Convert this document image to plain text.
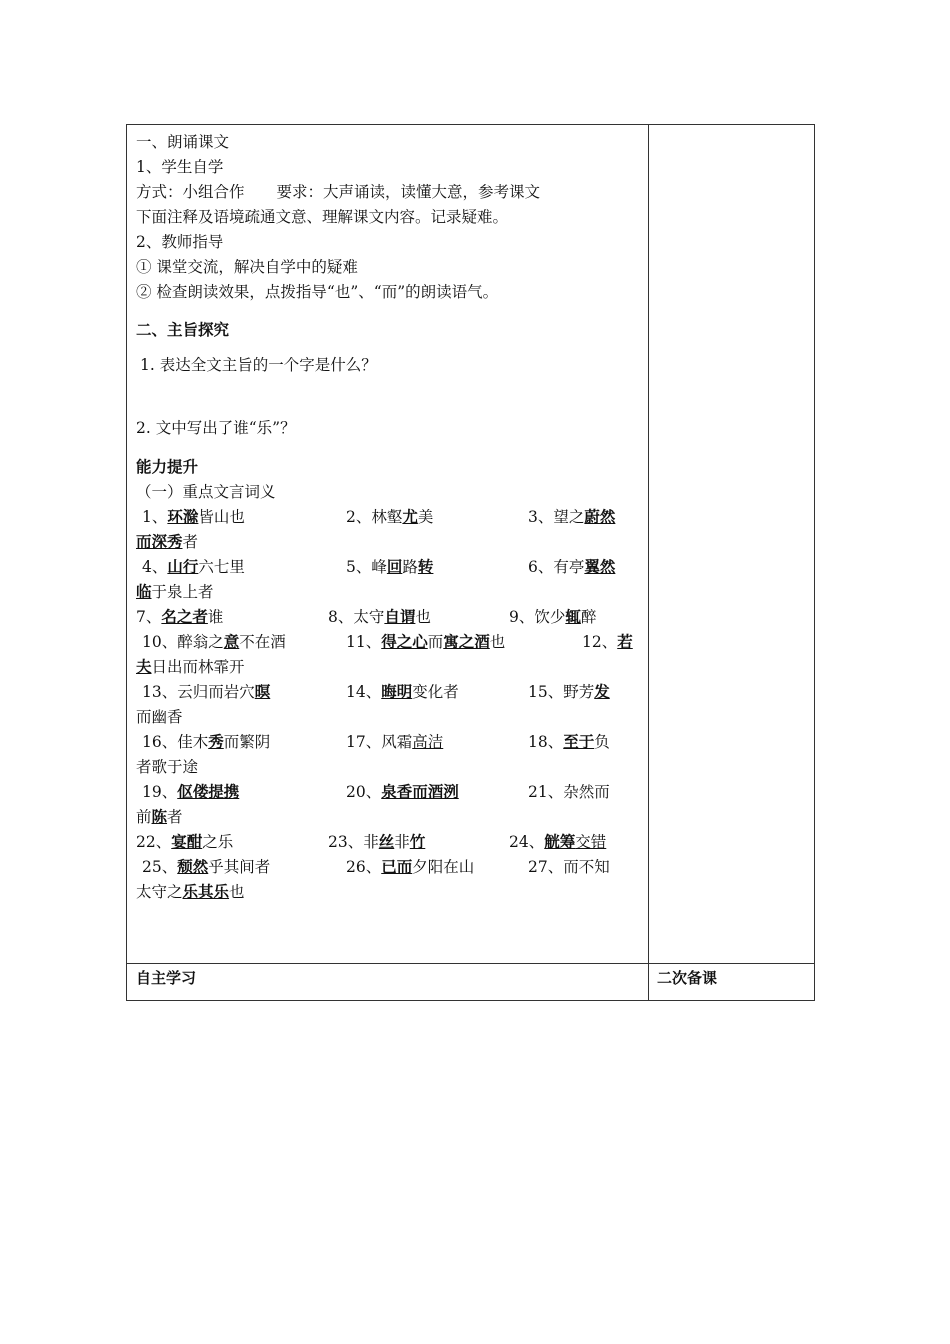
一、朗诵课文
1、学生自学
方式：小组合作 要求：大声诵读，读懂大意，参考课文
下面注释及语境疏通文意、理解课文内容。记录疑难。
2、教师指导
① 课堂交流，解决自学中的疑难
② 检查朗读效果，点拨指导“也”、“而”的朗读语气。
二、主旨探究
1. 表达全文主旨的一个字是什么？
2. 文中写出了谁“乐”？
能力提升
（一）重点文言词义
1、环滁皆山也	2、林壑尤美	3、望之蔚然
而深秀者
4、山行六七里	5、峰回路转	6、有亭翼然
临于泉上者
7、名之者谁	8、太守自谓也	9、饮少辄醉
10、醉翁之意不在酒	11、得之心而寓之酒也	12、若
夫日出而林霏开
13、云归而岩穴暝	14、晦明变化者	15、野芳发
而幽香
16、佳木秀而繁阴	17、风霜高洁	18、至于负
者歌于途
19、伛偻提携	20、泉香而酒洌	21、杂然而
前陈者
22、宴酣之乐	23、非丝非竹	24、觥筹交错
25、颓然乎其间者	26、已而夕阳在山	27、而不知
太守之乐其乐也
自主学习	二次备课
